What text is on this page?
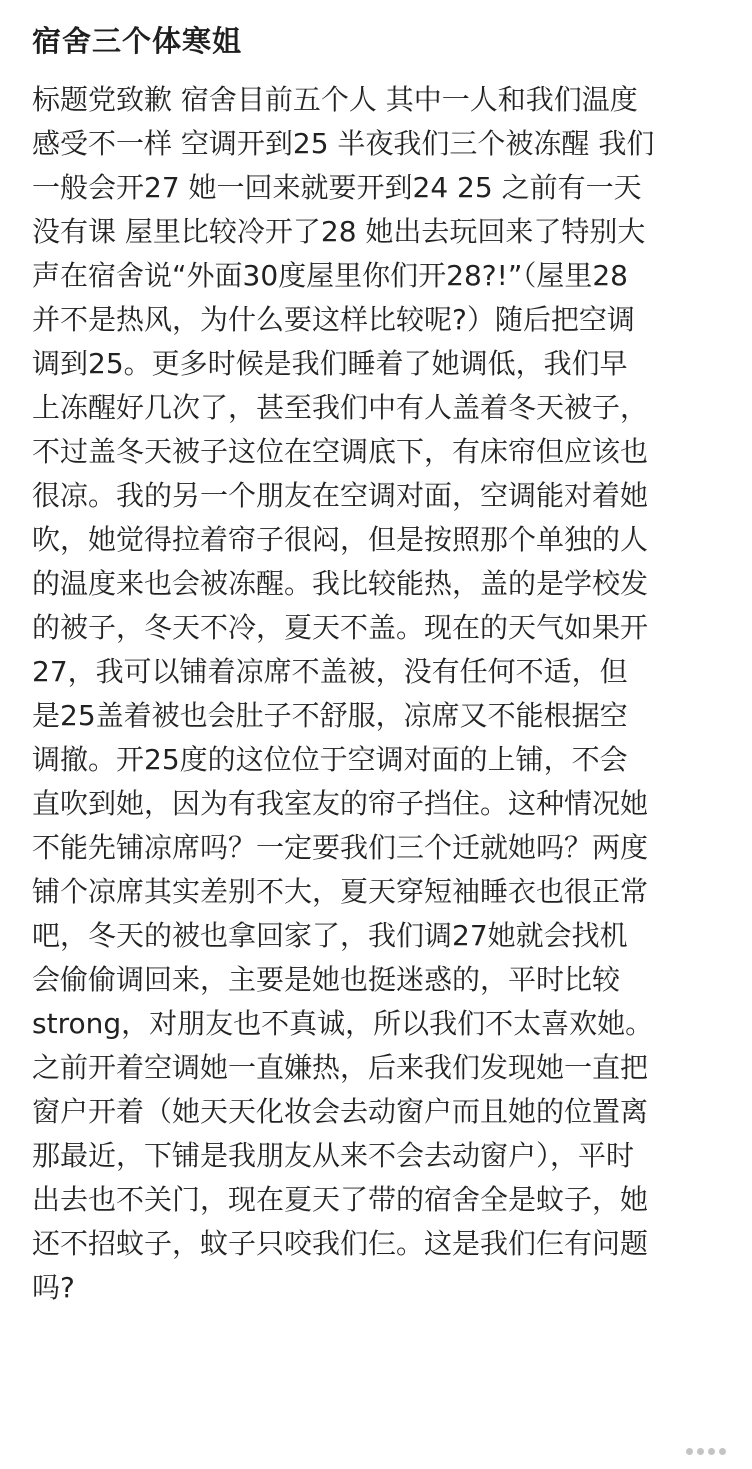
宿舍三个体寒姐
标题党致歉 宿舍目前五个人 其中一人和我们温度
感受不一样 空调开到25 半夜我们三个被冻醒 我们
一般会开27 她一回来就要开到24 25 之前有一天
没有课 屋里比较冷开了28 她出去玩回来了特别大
声在宿舍说“外面30度屋里你们开28?!”（屋里28
并不是热风，为什么要这样比较呢?）随后把空调
调到25。更多时候是我们睡着了她调低，我们早
上冻醒好几次了，甚至我们中有人盖着冬天被子，
不过盖冬天被子这位在空调底下，有床帘但应该也
很凉。我的另一个朋友在空调对面，空调能对着她
吹，她觉得拉着帘子很闷，但是按照那个单独的人
的温度来也会被冻醒。我比较能热，盖的是学校发
的被子，冬天不冷，夏天不盖。现在的天气如果开
27，我可以铺着凉席不盖被，没有任何不适，但
是25盖着被也会肚子不舒服，凉席又不能根据空
调撤。开25度的这位位于空调对面的上铺，不会
直吹到她，因为有我室友的帘子挡住。这种情况她
不能先铺凉席吗？一定要我们三个迁就她吗？两度
铺个凉席其实差别不大，夏天穿短袖睡衣也很正常
吧，冬天的被也拿回家了，我们调27她就会找机
会偷偷调回来，主要是她也挺迷惑的，平时比较
strong，对朋友也不真诚，所以我们不太喜欢她。
之前开着空调她一直嫌热，后来我们发现她一直把
窗户开着（她天天化妆会去动窗户而且她的位置离
那最近，下铺是我朋友从来不会去动窗户），平时
出去也不关门，现在夏天了带的宿舍全是蚊子，她
还不招蚊子，蚊子只咬我们仨。这是我们仨有问题
吗?
